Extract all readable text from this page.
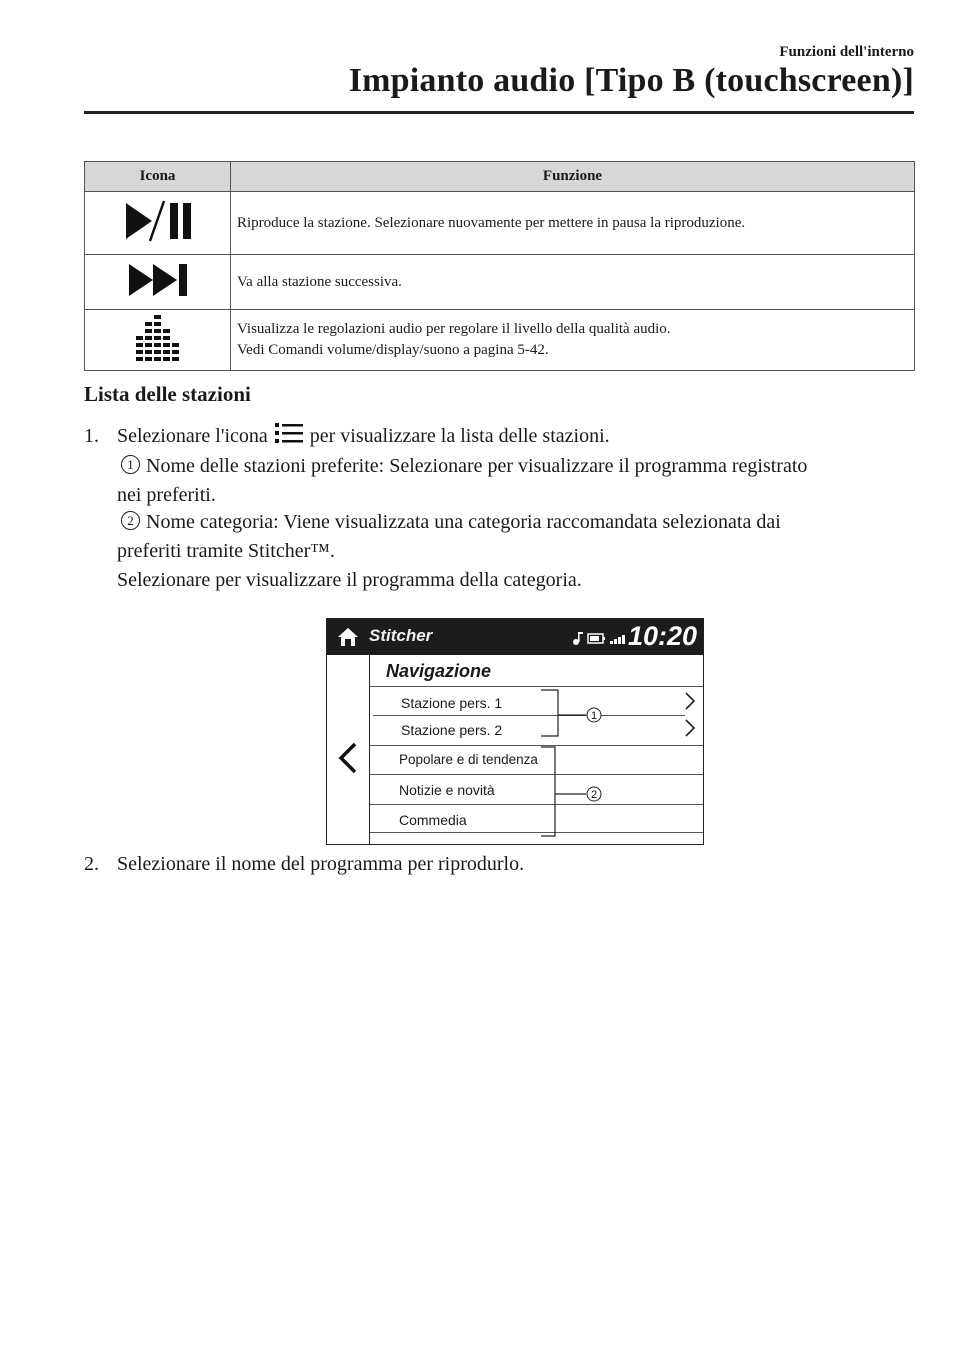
Funzioni dell'interno
Impianto audio [Tipo B (touchscreen)]
Icona	Funzione

Riproduce la stazione. Selezionare nuovamente per mettere in pausa la riproduzione.

Va alla stazione successiva.

Visualizza le regolazioni audio per regolare il livello della qualità audio.
Vedi Comandi volume/display/suono a pagina 5-42.
Lista delle stazioni
1. Selezionare l'icona per visualizzare la lista delle stazioni.
1 Nome delle stazioni preferite: Selezionare per visualizzare il programma registrato
nei preferiti.
2 Nome categoria: Viene visualizzata una categoria raccomandata selezionata dai
preferiti tramite Stitcher™.
Selezionare per visualizzare il programma della categoria.
Stitcher	10:20
Navigazione
Stazione pers. 1
Stazione pers. 2
Popolare e di tendenza
Notizie e novità
Commedia
1
2
2. Selezionare il nome del programma per riprodurlo.
